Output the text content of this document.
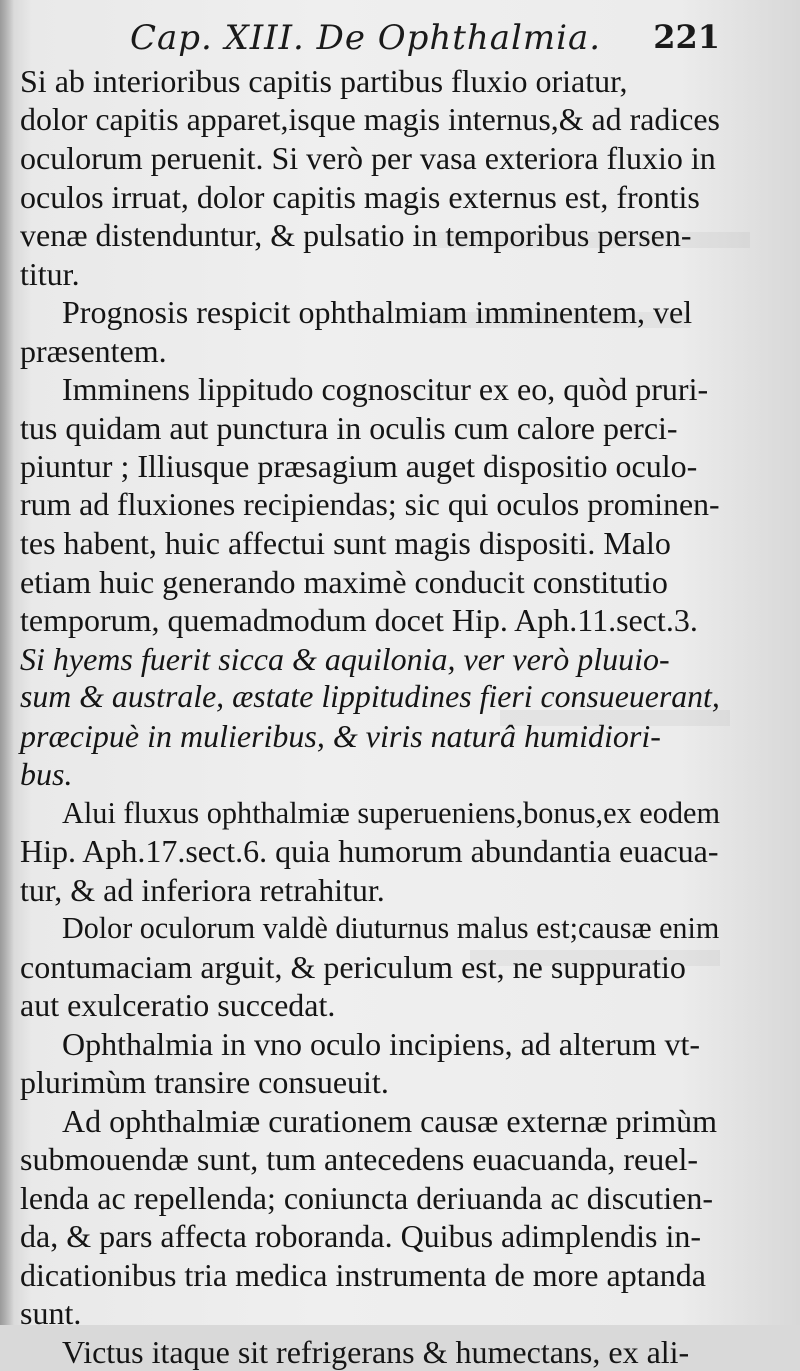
Cap. XIII. De Ophthalmia. 221
Si ab interioribus capitis partibus fluxio oriatur,
dolor capitis apparet,isque magis internus,& ad radices
oculorum peruenit. Si verò per vasa exteriora fluxio in
oculos irruat, dolor capitis magis externus est, frontis
venæ distenduntur, & pulsatio in temporibus persen-
titur.
Prognosis respicit ophthalmiam imminentem, vel
præsentem.
Imminens lippitudo cognoscitur ex eo, quòd pruri-
tus quidam aut punctura in oculis cum calore perci-
piuntur ; Illiusque præsagium auget dispositio oculo-
rum ad fluxiones recipiendas; sic qui oculos prominen-
tes habent, huic affectui sunt magis dispositi. Malo
etiam huic generando maximè conducit constitutio
temporum, quemadmodum docet Hip. Aph.11.sect.3.
Si hyems fuerit sicca & aquilonia, ver verò pluuio-
sum & australe, æstate lippitudines fieri consueuerant,
præcipuè in mulieribus, & viris naturâ humidiori-
bus.
Alui fluxus ophthalmiæ superueniens,bonus,ex eodem
Hip. Aph.17.sect.6. quia humorum abundantia euacua-
tur, & ad inferiora retrahitur.
Dolor oculorum valdè diuturnus malus est;causæ enim
contumaciam arguit, & periculum est, ne suppuratio
aut exulceratio succedat.
Ophthalmia in vno oculo incipiens, ad alterum vt-
plurimùm transire consueuit.
Ad ophthalmiæ curationem causæ externæ primùm
submouendæ sunt, tum antecedens euacuanda, reuel-
lenda ac repellenda; coniuncta deriuanda ac discutien-
da, & pars affecta roboranda. Quibus adimplendis in-
dicationibus tria medica instrumenta de more aptanda
sunt.
Victus itaque sit refrigerans & humectans, ex ali-
